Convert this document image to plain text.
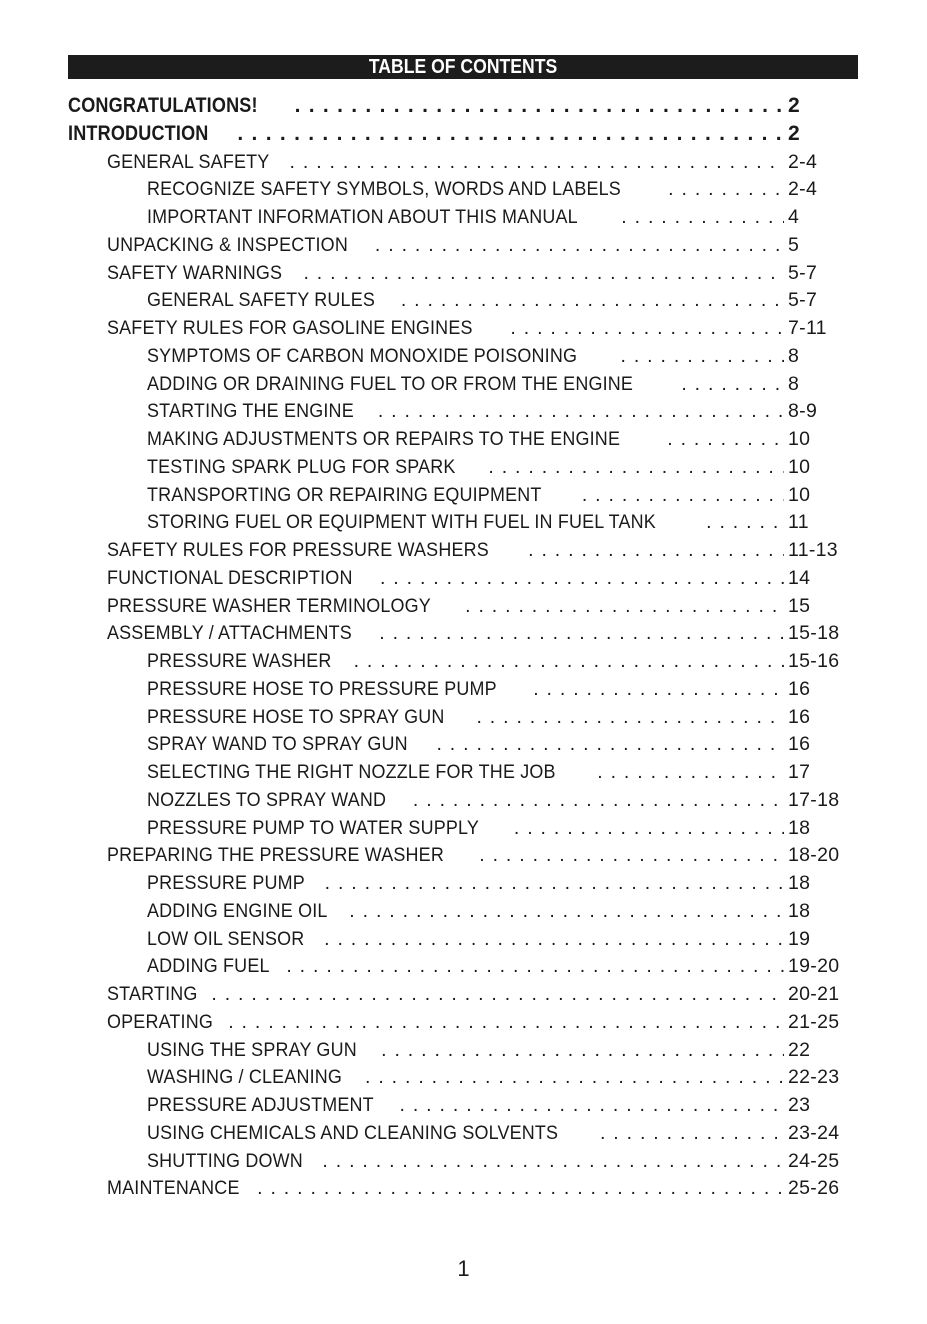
TABLE OF CONTENTS
CONGRATULATIONS! . . .	2
INTRODUCTION . . .	2
GENERAL SAFETY . . .	2-4
RECOGNIZE SAFETY SYMBOLS, WORDS AND LABELS . . .	2-4
IMPORTANT INFORMATION ABOUT THIS MANUAL . . .	4
UNPACKING & INSPECTION . . .	5
SAFETY WARNINGS . . .	5-7
GENERAL SAFETY RULES . . .	5-7
SAFETY RULES FOR GASOLINE ENGINES . . .	7-11
SYMPTOMS OF CARBON MONOXIDE POISONING . . .	8
ADDING OR DRAINING FUEL TO OR FROM THE ENGINE . . .	8
STARTING THE ENGINE . . .	8-9
MAKING ADJUSTMENTS OR REPAIRS TO THE ENGINE . . .	10
TESTING SPARK PLUG FOR SPARK . . .	10
TRANSPORTING OR REPAIRING EQUIPMENT . . .	10
STORING FUEL OR EQUIPMENT WITH FUEL IN FUEL TANK . . .	11
SAFETY RULES FOR PRESSURE WASHERS . . .	11-13
FUNCTIONAL DESCRIPTION . . .	14
PRESSURE WASHER TERMINOLOGY . . .	15
ASSEMBLY / ATTACHMENTS . . .	15-18
PRESSURE WASHER . . .	15-16
PRESSURE HOSE TO PRESSURE PUMP . . .	16
PRESSURE HOSE TO SPRAY GUN . . .	16
SPRAY WAND TO SPRAY GUN . . .	16
SELECTING THE RIGHT NOZZLE FOR THE JOB . . .	17
NOZZLES TO SPRAY WAND . . .	17-18
PRESSURE PUMP TO WATER SUPPLY . . .	18
PREPARING THE PRESSURE WASHER . . .	18-20
PRESSURE PUMP . . .	18
ADDING ENGINE OIL . . .	18
LOW OIL SENSOR . . .	19
ADDING FUEL . . .	19-20
STARTING . . .	20-21
OPERATING . . .	21-25
USING THE SPRAY GUN . . .	22
WASHING / CLEANING . . .	22-23
PRESSURE ADJUSTMENT . . .	23
USING CHEMICALS AND CLEANING SOLVENTS . . .	23-24
SHUTTING DOWN . . .	24-25
MAINTENANCE . . .	25-26
1
